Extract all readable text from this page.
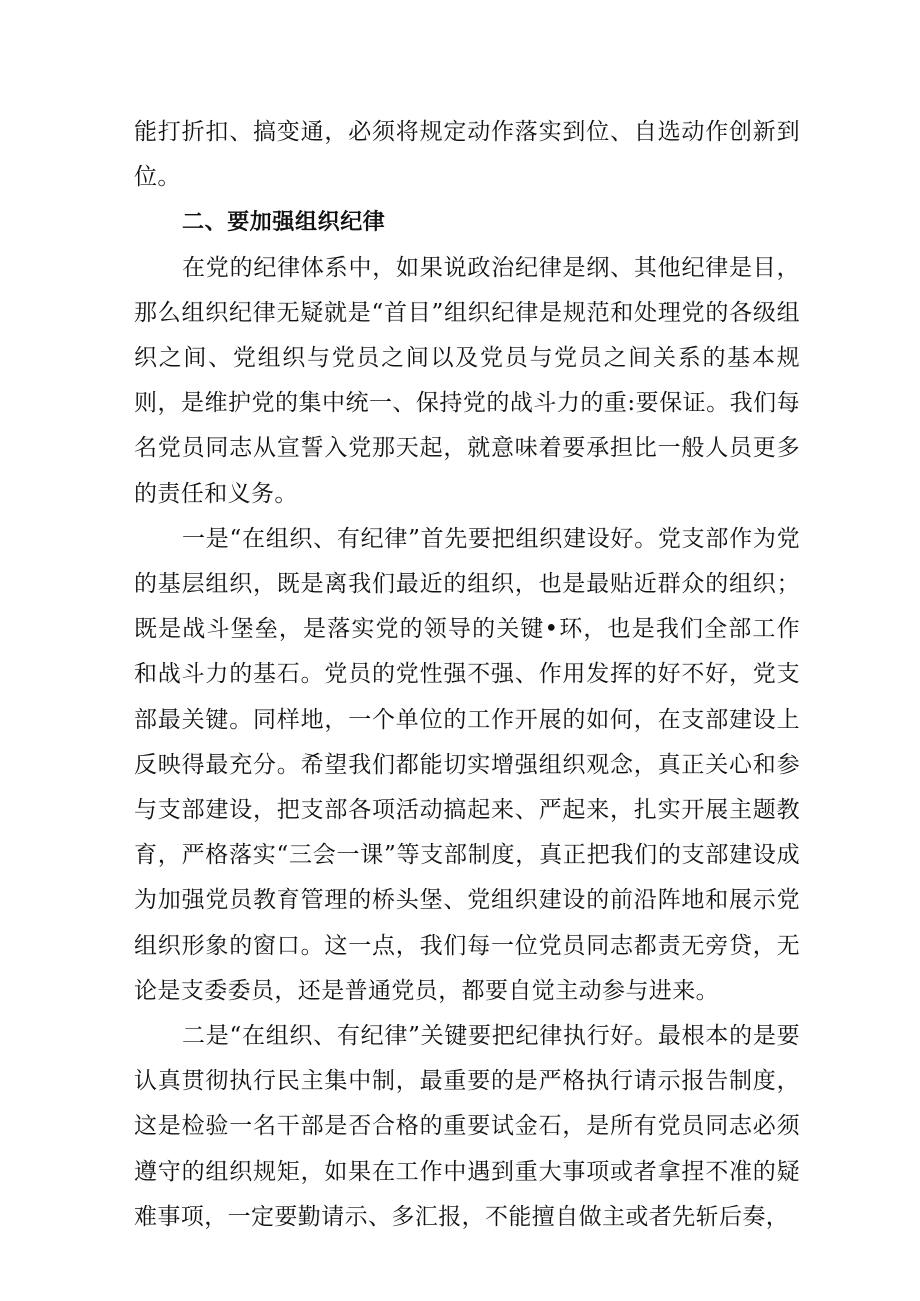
能打折扣、搞变通，必须将规定动作落实到位、自选动作创新到位。

二、要加强组织纪律

在党的纪律体系中，如果说政治纪律是纲、其他纪律是目，那么组织纪律无疑就是“首目”组织纪律是规范和处理党的各级组织之间、党组织与党员之间以及党员与党员之间关系的基本规则，是维护党的集中统一、保持党的战斗力的重:要保证。我们每名党员同志从宣誓入党那天起，就意味着要承担比一般人员更多的责任和义务。

一是“在组织、有纪律”首先要把组织建设好。党支部作为党的基层组织，既是离我们最近的组织，也是最贴近群众的组织；既是战斗堡垒，是落实党的领导的关键•环，也是我们全部工作和战斗力的基石。党员的党性强不强、作用发挥的好不好，党支部最关键。同样地，一个单位的工作开展的如何，在支部建设上反映得最充分。希望我们都能切实增强组织观念，真正关心和参与支部建设，把支部各项活动搞起来、严起来，扎实开展主题教育，严格落实“三会一课”等支部制度，真正把我们的支部建设成为加强党员教育管理的桥头堡、党组织建设的前沿阵地和展示党组织形象的窗口。这一点，我们每一位党员同志都责无旁贷，无论是支委委员，还是普通党员，都要自觉主动参与进来。

二是“在组织、有纪律”关键要把纪律执行好。最根本的是要认真贯彻执行民主集中制，最重要的是严格执行请示报告制度，这是检验一名干部是否合格的重要试金石，是所有党员同志必须遵守的组织规矩，如果在工作中遇到重大事项或者拿捏不准的疑难事项，一定要勤请示、多汇报，不能擅自做主或者先斩后奏，
